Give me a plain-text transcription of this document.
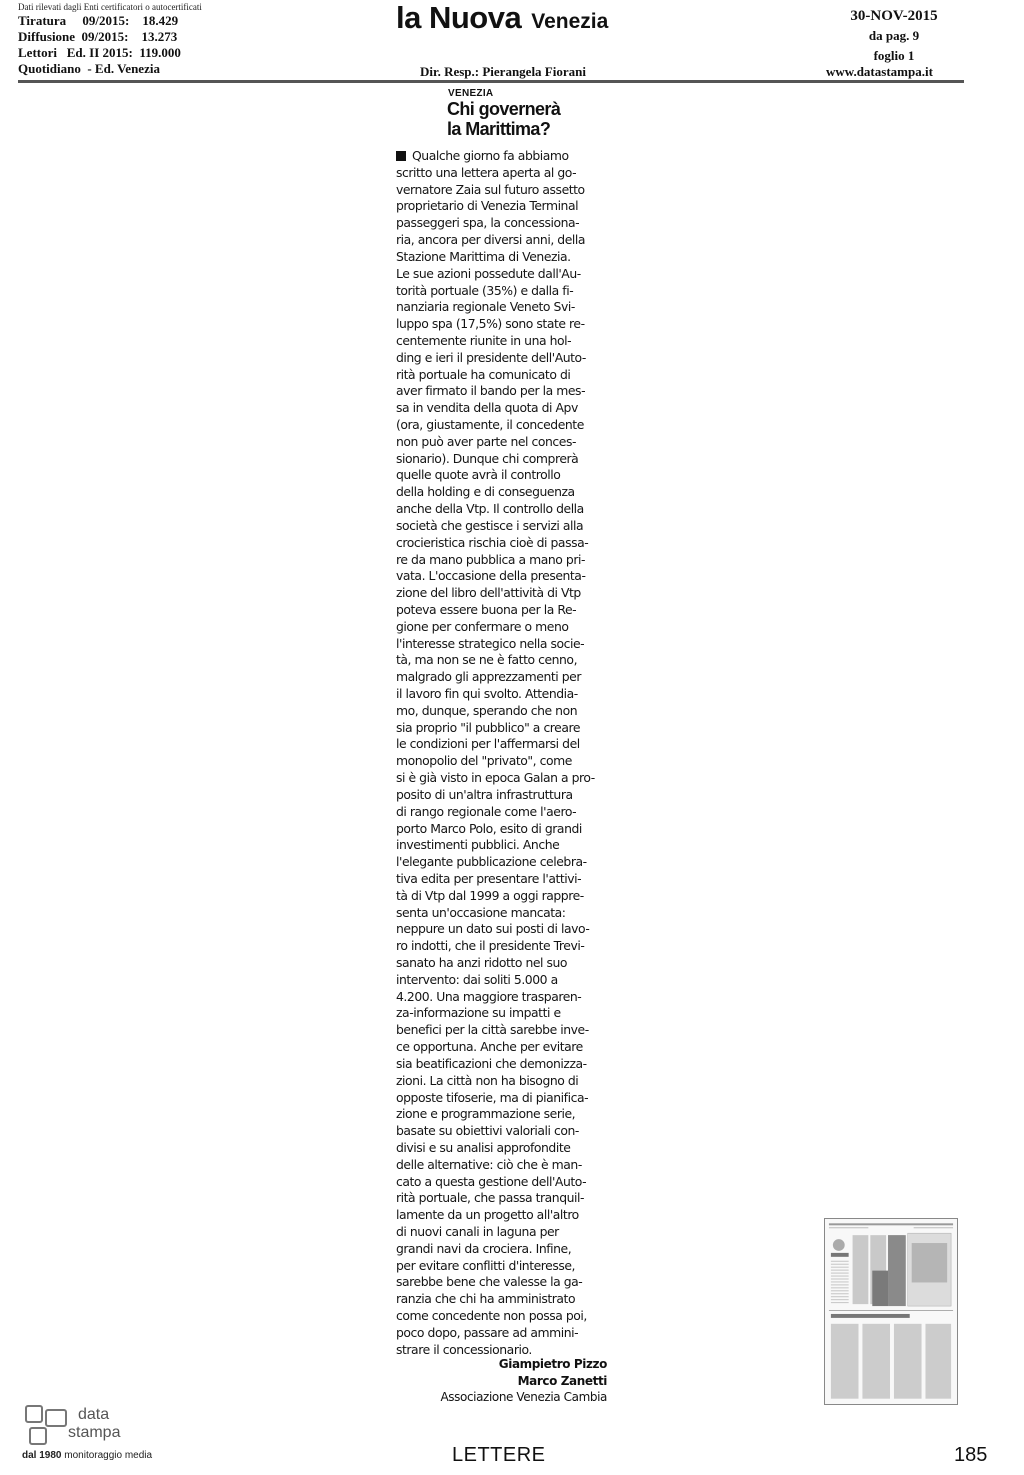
Dati rilevati dagli Enti certificatori o autocertificati
Tiratura     09/2015:    18.429
Diffusione  09/2015:    13.273
Lettori   Ed. II 2015:  119.000
Quotidiano  - Ed. Venezia
la Nuova Venezia
Dir. Resp.: Pierangela Fiorani
30-NOV-2015
da pag. 9
foglio 1
www.datastampa.it
VENEZIA
Chi governerà
la Marittima?
Qualche giorno fa abbiamo
scritto una lettera aperta al go-
vernatore Zaia sul futuro assetto
proprietario di Venezia Terminal
passeggeri spa, la concessiona-
ria, ancora per diversi anni, della
Stazione Marittima di Venezia.
Le sue azioni possedute dall'Au-
torità portuale (35%) e dalla fi-
nanziaria regionale Veneto Svi-
luppo spa (17,5%) sono state re-
centemente riunite in una hol-
ding e ieri il presidente dell'Auto-
rità portuale ha comunicato di
aver firmato il bando per la mes-
sa in vendita della quota di Apv
(ora, giustamente, il concedente
non può aver parte nel conces-
sionario). Dunque chi comprerà
quelle quote avrà il controllo
della holding e di conseguenza
anche della Vtp. Il controllo della
società che gestisce i servizi alla
crocieristica rischia cioè di passa-
re da mano pubblica a mano pri-
vata. L'occasione della presenta-
zione del libro dell'attività di Vtp
poteva essere buona per la Re-
gione per confermare o meno
l'interesse strategico nella socie-
tà, ma non se ne è fatto cenno,
malgrado gli apprezzamenti per
il lavoro fin qui svolto. Attendia-
mo, dunque, sperando che non
sia proprio "il pubblico" a creare
le condizioni per l'affermarsi del
monopolio del "privato", come
si è già visto in epoca Galan a pro-
posito di un'altra infrastruttura
di rango regionale come l'aero-
porto Marco Polo, esito di grandi
investimenti pubblici. Anche
l'elegante pubblicazione celebra-
tiva edita per presentare l'attivi-
tà di Vtp dal 1999 a oggi rappre-
senta un'occasione mancata:
neppure un dato sui posti di lavo-
ro indotti, che il presidente Trevi-
sanato ha anzi ridotto nel suo
intervento: dai soliti 5.000 a
4.200. Una maggiore trasparen-
za-informazione su impatti e
benefici per la città sarebbe inve-
ce opportuna. Anche per evitare
sia beatificazioni che demonizza-
zioni. La città non ha bisogno di
opposte tifoserie, ma di pianifica-
zione e programmazione serie,
basate su obiettivi valoriali con-
divisi e su analisi approfondite
delle alternative: ciò che è man-
cato a questa gestione dell'Auto-
rità portuale, che passa tranquil-
lamente da un progetto all'altro
di nuovi canali in laguna per
grandi navi da crociera. Infine,
per evitare conflitti d'interesse,
sarebbe bene che valesse la ga-
ranzia che chi ha amministrato
come concedente non possa poi,
poco dopo, passare ad ammini-
strare il concessionario.
Giampietro Pizzo
Marco Zanetti
Associazione Venezia Cambia
data
stampa
dal 1980 monitoraggio media	LETTERE	185
